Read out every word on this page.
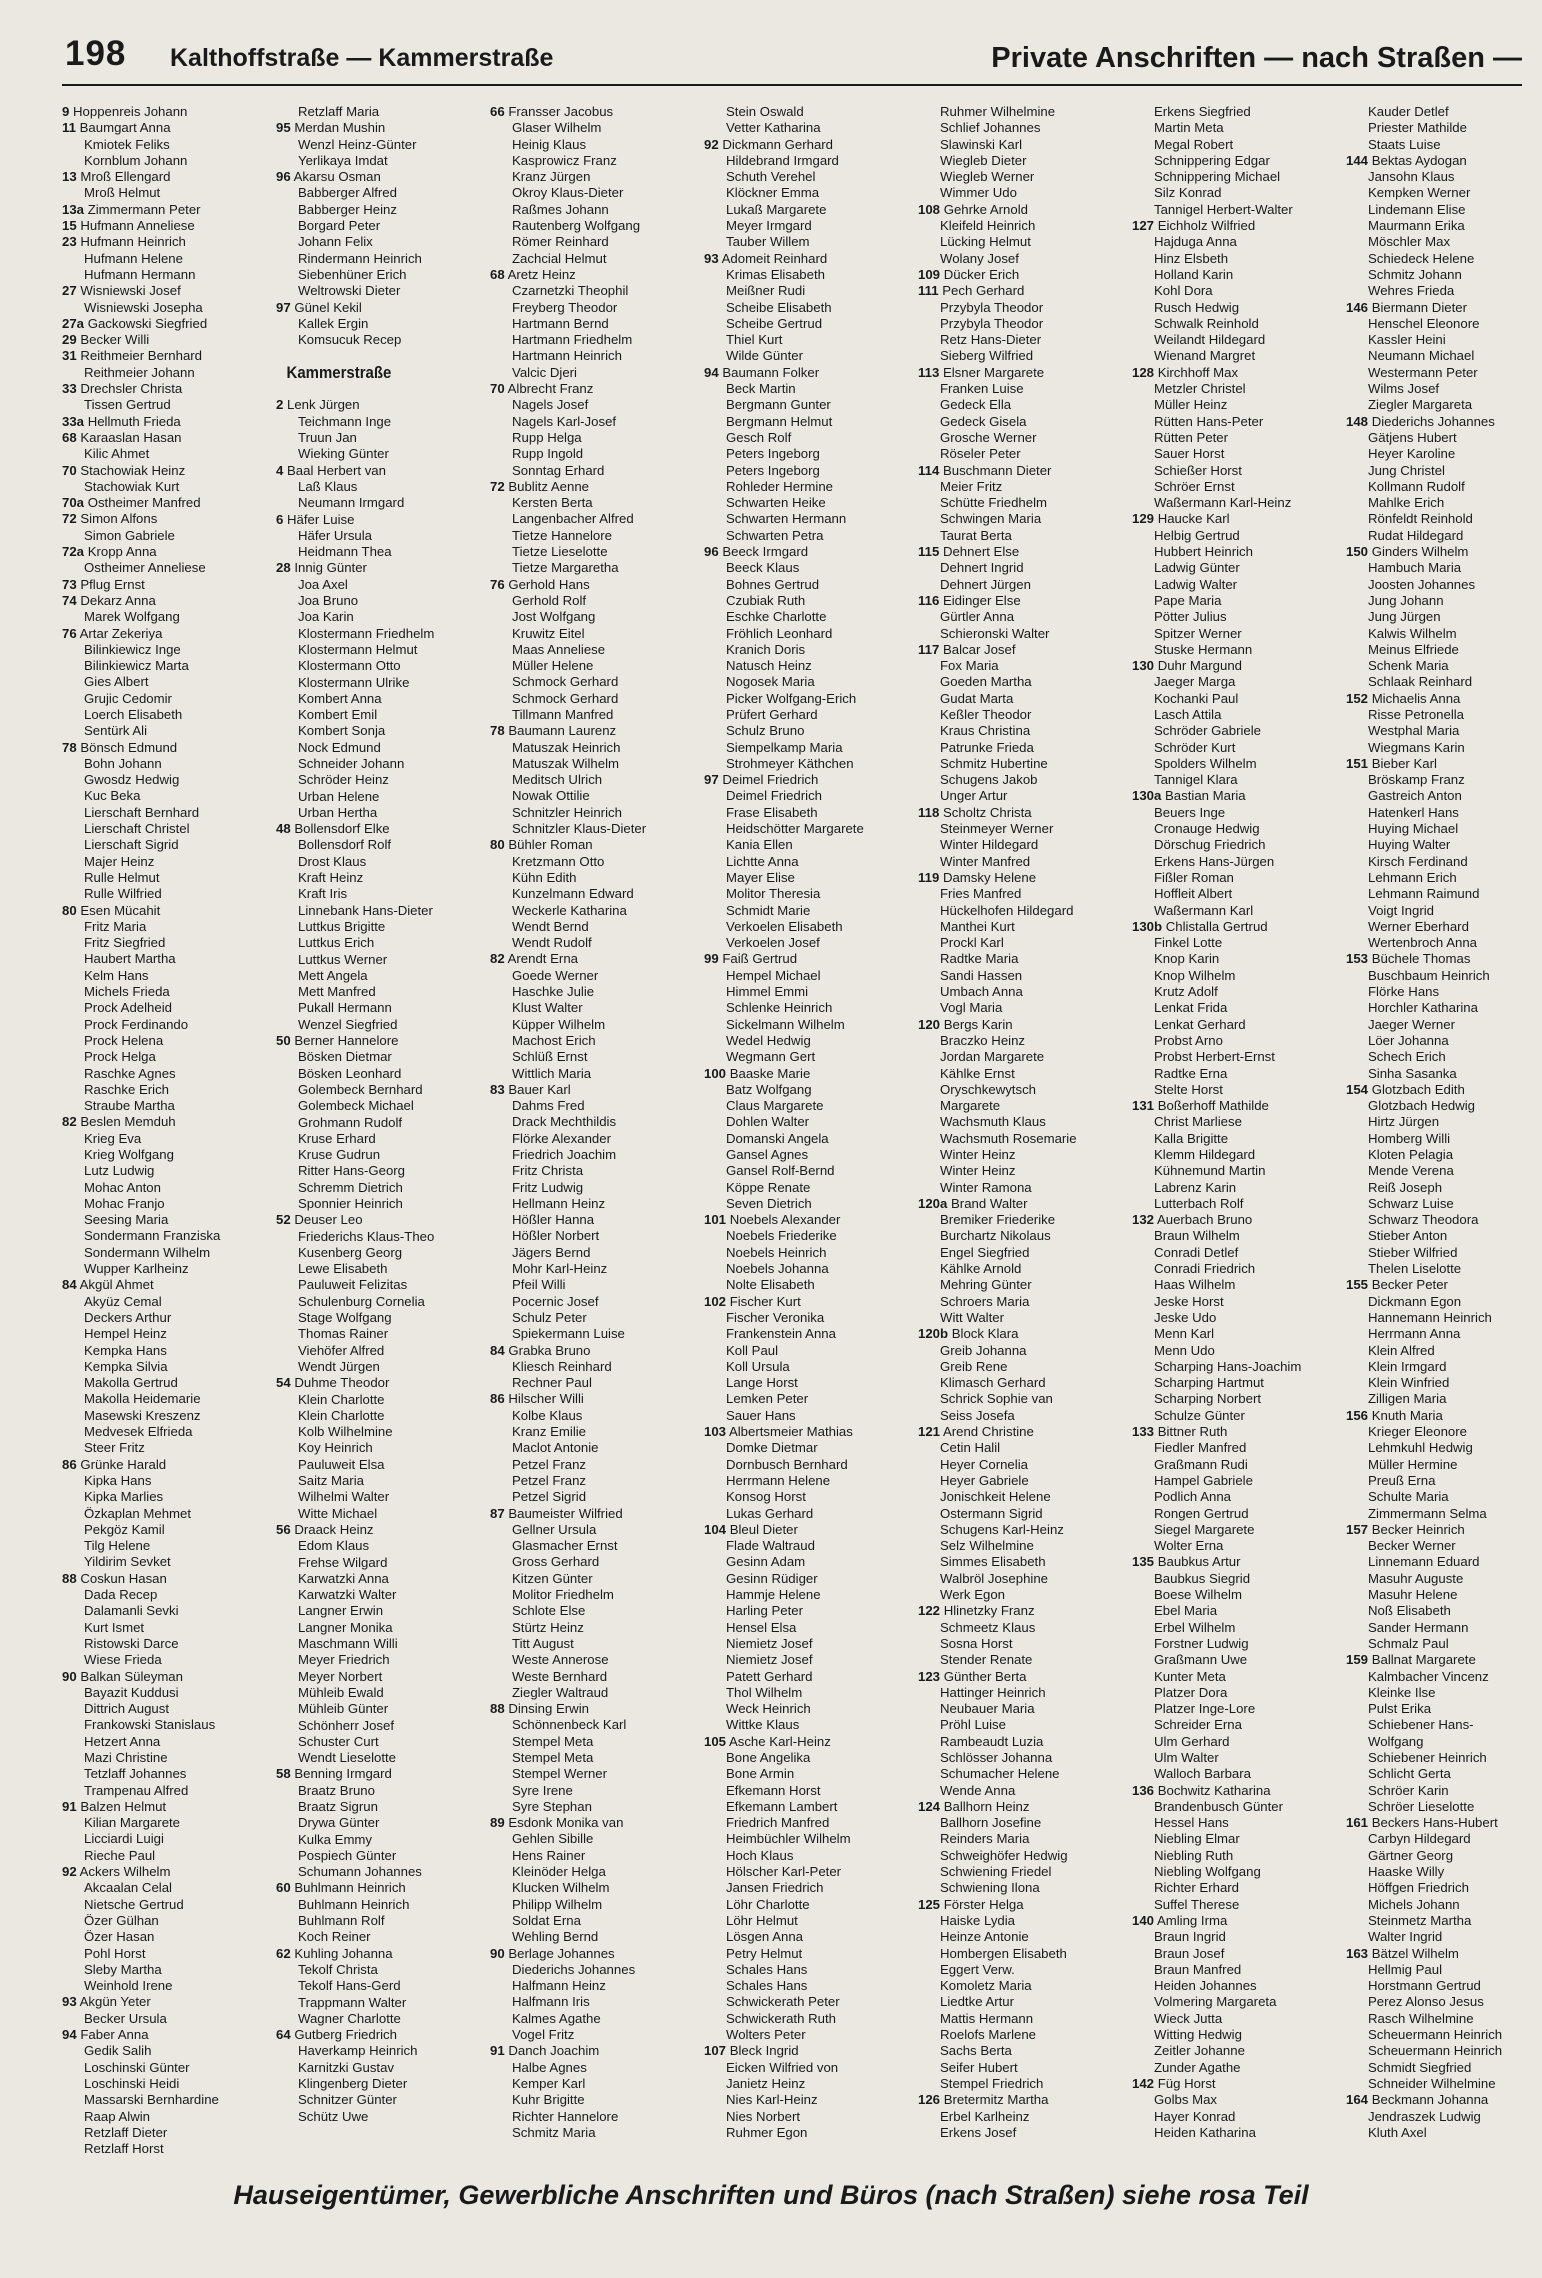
198 Kalthoffstraße — Kammerstraße	Private Anschriften — nach Straßen —
9 Hoppenreis Johann
11 Baumgart Anna
Kmiotek Feliks
Kornblum Johann
13 Mroß Ellengard
Mroß Helmut
13a Zimmermann Peter
15 Hufmann Anneliese
23 Hufmann Heinrich
Hufmann Helene
Hufmann Hermann
27 Wisniewski Josef
Wisniewski Josepha
27a Gackowski Siegfried
29 Becker Willi
31 Reithmeier Bernhard
Reithmeier Johann
33 Drechsler Christa
Tissen Gertrud
33a Hellmuth Frieda
68 Karaaslan Hasan
Kilic Ahmet
70 Stachowiak Heinz
Stachowiak Kurt
70a Ostheimer Manfred
72 Simon Alfons
Simon Gabriele
72a Kropp Anna
Ostheimer Anneliese
73 Pflug Ernst
74 Dekarz Anna
Marek Wolfgang
76 Artar Zekeriya
Bilinkiewicz Inge
Bilinkiewicz Marta
Gies Albert
Grujic Cedomir
Loerch Elisabeth
Sentürk Ali
78 Bönsch Edmund
Bohn Johann
Gwosdz Hedwig
Kuc Beka
Lierschaft Bernhard
Lierschaft Christel
Lierschaft Sigrid
Majer Heinz
Rulle Helmut
Rulle Wilfried
80 Esen Mücahit
Fritz Maria
Fritz Siegfried
Haubert Martha
Kelm Hans
Michels Frieda
Prock Adelheid
Prock Ferdinando
Prock Helena
Prock Helga
Raschke Agnes
Raschke Erich
Straube Martha
82 Beslen Memduh
Krieg Eva
Krieg Wolfgang
Lutz Ludwig
Mohac Anton
Mohac Franjo
Seesing Maria
Sondermann Franziska
Sondermann Wilhelm
Wupper Karlheinz
84 Akgül Ahmet
Akyüz Cemal
Deckers Arthur
Hempel Heinz
Kempka Hans
Kempka Silvia
Makolla Gertrud
Makolla Heidemarie
Masewski Kreszenz
Medvesek Elfrieda
Steer Fritz
86 Grünke Harald
Kipka Hans
Kipka Marlies
Özkaplan Mehmet
Pekgöz Kamil
Tilg Helene
Yildirim Sevket
88 Coskun Hasan
Dada Recep
Dalamanli Sevki
Kurt Ismet
Ristowski Darce
Wiese Frieda
90 Balkan Süleyman
Bayazit Kuddusi
Dittrich August
Frankowski Stanislaus
Hetzert Anna
Mazi Christine
Tetzlaff Johannes
Trampenau Alfred
91 Balzen Helmut
Kilian Margarete
Licciardi Luigi
Rieche Paul
92 Ackers Wilhelm
Akcaalan Celal
Nietsche Gertrud
Özer Gülhan
Özer Hasan
Pohl Horst
Sleby Martha
Weinhold Irene
93 Akgün Yeter
Becker Ursula
94 Faber Anna
Gedik Salih
Loschinski Günter
Loschinski Heidi
Massarski Bernhardine
Raap Alwin
Retzlaff Dieter
Retzlaff Horst
Retzlaff Maria
95 Merdan Mushin
Wenzl Heinz-Günter
Yerlikaya Imdat
96 Akarsu Osman
Babberger Alfred
Babberger Heinz
Borgard Peter
Johann Felix
Rindermann Heinrich
Siebenhüner Erich
Weltrowski Dieter
97 Günel Kekil
Kallek Ergin
Komsucuk Recep
Kammerstraße
2 Lenk Jürgen
Teichmann Inge
Truun Jan
Wieking Günter
4 Baal Herbert van
Laß Klaus
Neumann Irmgard
6 Häfer Luise
Häfer Ursula
Heidmann Thea
28 Innig Günter
Joa Axel
Joa Bruno
Joa Karin
Klostermann Friedhelm
Klostermann Helmut
Klostermann Otto
Klostermann Ulrike
Kombert Anna
Kombert Emil
Kombert Sonja
Nock Edmund
Schneider Johann
Schröder Heinz
Urban Helene
Urban Hertha
48 Bollensdorf Elke
Bollensdorf Rolf
Drost Klaus
Kraft Heinz
Kraft Iris
Linnebank Hans-Dieter
Luttkus Brigitte
Luttkus Erich
Luttkus Werner
Mett Angela
Mett Manfred
Pukall Hermann
Wenzel Siegfried
50 Berner Hannelore
Bösken Dietmar
Bösken Leonhard
Golembeck Bernhard
Golembeck Michael
Grohmann Rudolf
Kruse Erhard
Kruse Gudrun
Ritter Hans-Georg
Schremm Dietrich
Sponnier Heinrich
52 Deuser Leo
Friederichs Klaus-Theo
Kusenberg Georg
Lewe Elisabeth
Pauluweit Felizitas
Schulenburg Cornelia
Stage Wolfgang
Thomas Rainer
Viehöfer Alfred
Wendt Jürgen
54 Duhme Theodor
Klein Charlotte
Klein Charlotte
Kolb Wilhelmine
Koy Heinrich
Pauluweit Elsa
Saitz Maria
Wilhelmi Walter
Witte Michael
56 Draack Heinz
Edom Klaus
Frehse Wilgard
Karwatzki Anna
Karwatzki Walter
Langner Erwin
Langner Monika
Maschmann Willi
Meyer Friedrich
Meyer Norbert
Mühleib Ewald
Mühleib Günter
Schönherr Josef
Schuster Curt
Wendt Lieselotte
58 Benning Irmgard
Braatz Bruno
Braatz Sigrun
Drywa Günter
Kulka Emmy
Pospiech Günter
Schumann Johannes
60 Buhlmann Heinrich
Buhlmann Heinrich
Buhlmann Rolf
Koch Reiner
62 Kuhling Johanna
Tekolf Christa
Tekolf Hans-Gerd
Trappmann Walter
Wagner Charlotte
64 Gutberg Friedrich
Haverkamp Heinrich
Karnitzki Gustav
Klingenberg Dieter
Schnitzer Günter
Schütz Uwe
66 Fransser Jacobus
Glaser Wilhelm
Heinig Klaus
Kasprowicz Franz
Kranz Jürgen
Okroy Klaus-Dieter
Raßmes Johann
Rautenberg Wolfgang
Römer Reinhard
Zachcial Helmut
68 Aretz Heinz
Czarnetzki Theophil
Freyberg Theodor
Hartmann Bernd
Hartmann Friedhelm
Hartmann Heinrich
Valcic Djeri
70 Albrecht Franz
Nagels Josef
Nagels Karl-Josef
Rupp Helga
Rupp Ingold
Sonntag Erhard
72 Bublitz Aenne
Kersten Berta
Langenbacher Alfred
Tietze Hannelore
Tietze Lieselotte
Tietze Margaretha
76 Gerhold Hans
Gerhold Rolf
Jost Wolfgang
Kruwitz Eitel
Maas Anneliese
Müller Helene
Schmock Gerhard
Schmock Gerhard
Tillmann Manfred
78 Baumann Laurenz
Matuszak Heinrich
Matuszak Wilhelm
Meditsch Ulrich
Nowak Ottilie
Schnitzler Heinrich
Schnitzler Klaus-Dieter
80 Bühler Roman
Kretzmann Otto
Kühn Edith
Kunzelmann Edward
Weckerle Katharina
Wendt Bernd
Wendt Rudolf
82 Arendt Erna
Goede Werner
Haschke Julie
Klust Walter
Küpper Wilhelm
Machost Erich
Schlüß Ernst
Wittlich Maria
83 Bauer Karl
Dahms Fred
Drack Mechthildis
Flörke Alexander
Friedrich Joachim
Fritz Christa
Fritz Ludwig
Hellmann Heinz
Hößler Hanna
Hößler Norbert
Jägers Bernd
Mohr Karl-Heinz
Pfeil Willi
Pocernic Josef
Schulz Peter
Spiekermann Luise
84 Grabka Bruno
Kliesch Reinhard
Rechner Paul
86 Hilscher Willi
Kolbe Klaus
Kranz Emilie
Maclot Antonie
Petzel Franz
Petzel Franz
Petzel Sigrid
87 Baumeister Wilfried
Gellner Ursula
Glasmacher Ernst
Gross Gerhard
Kitzen Günter
Molitor Friedhelm
Schlote Else
Stürtz Heinz
Titt August
Weste Annerose
Weste Bernhard
Ziegler Waltraud
88 Dinsing Erwin
Schönnenbeck Karl
Stempel Meta
Stempel Meta
Stempel Werner
Syre Irene
Syre Stephan
89 Esdonk Monika van
Gehlen Sibille
Hens Rainer
Kleinöder Helga
Klucken Wilhelm
Philipp Wilhelm
Soldat Erna
Wehling Bernd
90 Berlage Johannes
Diederichs Johannes
Halfmann Heinz
Halfmann Iris
Kalmes Agathe
Vogel Fritz
91 Danch Joachim
Halbe Agnes
Kemper Karl
Kuhr Brigitte
Richter Hannelore
Schmitz Maria
Stein Oswald
Vetter Katharina
92 Dickmann Gerhard
Hildebrand Irmgard
Schuth Verehel
Klöckner Emma
Lukaß Margarete
Meyer Irmgard
Tauber Willem
93 Adomeit Reinhard
Krimas Elisabeth
Meißner Rudi
Scheibe Elisabeth
Scheibe Gertrud
Thiel Kurt
Wilde Günter
94 Baumann Folker
Beck Martin
Bergmann Gunter
Bergmann Helmut
Gesch Rolf
Peters Ingeborg
Peters Ingeborg
Rohleder Hermine
Schwarten Heike
Schwarten Hermann
Schwarten Petra
96 Beeck Irmgard
Beeck Klaus
Bohnes Gertrud
Czubiak Ruth
Eschke Charlotte
Fröhlich Leonhard
Kranich Doris
Natusch Heinz
Nogosek Maria
Picker Wolfgang-Erich
Prüfert Gerhard
Schulz Bruno
Siempelkamp Maria
Strohmeyer Käthchen
97 Deimel Friedrich
Deimel Friedrich
Frase Elisabeth
Heidschötter Margarete
Kania Ellen
Lichtte Anna
Mayer Elise
Molitor Theresia
Schmidt Marie
Verkoelen Elisabeth
Verkoelen Josef
99 Faiß Gertrud
Hempel Michael
Himmel Emmi
Schlenke Heinrich
Sickelmann Wilhelm
Wedel Hedwig
Wegmann Gert
100 Baaske Marie
Batz Wolfgang
Claus Margarete
Dohlen Walter
Domanski Angela
Gansel Agnes
Gansel Rolf-Bernd
Köppe Renate
Seven Dietrich
101 Noebels Alexander
Noebels Friederike
Noebels Heinrich
Noebels Johanna
Nolte Elisabeth
102 Fischer Kurt
Fischer Veronika
Frankenstein Anna
Koll Paul
Koll Ursula
Lange Horst
Lemken Peter
Sauer Hans
103 Albertsmeier Mathias
Domke Dietmar
Dornbusch Bernhard
Herrmann Helene
Konsog Horst
Lukas Gerhard
104 Bleul Dieter
Flade Waltraud
Gesinn Adam
Gesinn Rüdiger
Hammje Helene
Harling Peter
Hensel Elsa
Niemietz Josef
Niemietz Josef
Patett Gerhard
Thol Wilhelm
Weck Heinrich
Wittke Klaus
105 Asche Karl-Heinz
Bone Angelika
Bone Armin
Efkemann Horst
Efkemann Lambert
Friedrich Manfred
Heimbüchler Wilhelm
Hoch Klaus
Hölscher Karl-Peter
Jansen Friedrich
Löhr Charlotte
Löhr Helmut
Lösgen Anna
Petry Helmut
Schales Hans
Schales Hans
Schwickerath Peter
Schwickerath Ruth
Wolters Peter
107 Bleck Ingrid
Eicken Wilfried von
Janietz Heinz
Nies Karl-Heinz
Nies Norbert
Ruhmer Egon
Ruhmer Wilhelmine
Schlief Johannes
Slawinski Karl
Wiegleb Dieter
Wiegleb Werner
Wimmer Udo
108 Gehrke Arnold
Kleifeld Heinrich
Lücking Helmut
Wolany Josef
109 Dücker Erich
111 Pech Gerhard
Przybyla Theodor
Przybyla Theodor
Retz Hans-Dieter
Sieberg Wilfried
113 Elsner Margarete
Franken Luise
Gedeck Ella
Gedeck Gisela
Grosche Werner
Röseler Peter
114 Buschmann Dieter
Meier Fritz
Schütte Friedhelm
Schwingen Maria
Taurat Berta
115 Dehnert Else
Dehnert Ingrid
Dehnert Jürgen
116 Eidinger Else
Gürtler Anna
Schieronski Walter
117 Balcar Josef
Fox Maria
Goeden Martha
Gudat Marta
Keßler Theodor
Kraus Christina
Patrunke Frieda
Schmitz Hubertine
Schugens Jakob
Unger Artur
118 Scholtz Christa
Steinmeyer Werner
Winter Hildegard
Winter Manfred
119 Damsky Helene
Fries Manfred
Hückelhofen Hildegard
Manthei Kurt
Prockl Karl
Radtke Maria
Sandi Hassen
Umbach Anna
Vogl Maria
120 Bergs Karin
Braczko Heinz
Jordan Margarete
Kählke Ernst
Oryschkewytsch
Margarete
Wachsmuth Klaus
Wachsmuth Rosemarie
Winter Heinz
Winter Heinz
Winter Ramona
120a Brand Walter
Bremiker Friederike
Burchartz Nikolaus
Engel Siegfried
Kählke Arnold
Mehring Günter
Schroers Maria
Witt Walter
120b Block Klara
Greib Johanna
Greib Rene
Klimasch Gerhard
Schrick Sophie van
Seiss Josefa
121 Arend Christine
Cetin Halil
Heyer Cornelia
Heyer Gabriele
Jonischkeit Helene
Ostermann Sigrid
Schugens Karl-Heinz
Selz Wilhelmine
Simmes Elisabeth
Walbröl Josephine
Werk Egon
122 Hlinetzky Franz
Schmeetz Klaus
Sosna Horst
Stender Renate
123 Günther Berta
Hattinger Heinrich
Neubauer Maria
Pröhl Luise
Rambeaudt Luzia
Schlösser Johanna
Schumacher Helene
Wende Anna
124 Ballhorn Heinz
Ballhorn Josefine
Reinders Maria
Schweighöfer Hedwig
Schwiening Friedel
Schwiening Ilona
125 Förster Helga
Haiske Lydia
Heinze Antonie
Hombergen Elisabeth
Eggert Verw.
Komoletz Maria
Liedtke Artur
Mattis Hermann
Roelofs Marlene
Sachs Berta
Seifer Hubert
Stempel Friedrich
126 Bretermitz Martha
Erbel Karlheinz
Erkens Josef
Erkens Siegfried
Martin Meta
Megal Robert
Schnippering Edgar
Schnippering Michael
Silz Konrad
Tannigel Herbert-Walter
127 Eichholz Wilfried
Hajduga Anna
Hinz Elsbeth
Holland Karin
Kohl Dora
Rusch Hedwig
Schwalk Reinhold
Weilandt Hildegard
Wienand Margret
128 Kirchhoff Max
Metzler Christel
Müller Heinz
Rütten Hans-Peter
Rütten Peter
Sauer Horst
Schießer Horst
Schröer Ernst
Waßermann Karl-Heinz
129 Haucke Karl
Helbig Gertrud
Hubbert Heinrich
Ladwig Günter
Ladwig Walter
Pape Maria
Pötter Julius
Spitzer Werner
Stuske Hermann
130 Duhr Margund
Jaeger Marga
Kochanki Paul
Lasch Attila
Schröder Gabriele
Schröder Kurt
Spolders Wilhelm
Tannigel Klara
130a Bastian Maria
Beuers Inge
Cronauge Hedwig
Dörschug Friedrich
Erkens Hans-Jürgen
Fißler Roman
Hoffleit Albert
Waßermann Karl
130b Chlistalla Gertrud
Finkel Lotte
Knop Karin
Knop Wilhelm
Krutz Adolf
Lenkat Frida
Lenkat Gerhard
Probst Arno
Probst Herbert-Ernst
Radtke Erna
Stelte Horst
131 Boßerhoff Mathilde
Christ Marliese
Kalla Brigitte
Klemm Hildegard
Kühnemund Martin
Labrenz Karin
Lutterbach Rolf
132 Auerbach Bruno
Braun Wilhelm
Conradi Detlef
Conradi Friedrich
Haas Wilhelm
Jeske Horst
Jeske Udo
Menn Karl
Menn Udo
Scharping Hans-Joachim
Scharping Hartmut
Scharping Norbert
Schulze Günter
133 Bittner Ruth
Fiedler Manfred
Graßmann Rudi
Hampel Gabriele
Podlich Anna
Rongen Gertrud
Siegel Margarete
Wolter Erna
135 Baubkus Artur
Baubkus Siegrid
Boese Wilhelm
Ebel Maria
Erbel Wilhelm
Forstner Ludwig
Graßmann Uwe
Kunter Meta
Platzer Dora
Platzer Inge-Lore
Schreider Erna
Ulm Gerhard
Ulm Walter
Walloch Barbara
136 Bochwitz Katharina
Brandenbusch Günter
Hessel Hans
Niebling Elmar
Niebling Ruth
Niebling Wolfgang
Richter Erhard
Suffel Therese
140 Amling Irma
Braun Ingrid
Braun Josef
Braun Manfred
Heiden Johannes
Volmering Margareta
Wieck Jutta
Witting Hedwig
Zeitler Johanne
Zunder Agathe
142 Füg Horst
Golbs Max
Hayer Konrad
Heiden Katharina
Kauder Detlef
Priester Mathilde
Staats Luise
144 Bektas Aydogan
Jansohn Klaus
Kempken Werner
Lindemann Elise
Maurmann Erika
Möschler Max
Schiedeck Helene
Schmitz Johann
Wehres Frieda
146 Biermann Dieter
Henschel Eleonore
Kassler Heini
Neumann Michael
Westermann Peter
Wilms Josef
Ziegler Margareta
148 Diederichs Johannes
Gätjens Hubert
Heyer Karoline
Jung Christel
Kollmann Rudolf
Mahlke Erich
Rönfeldt Reinhold
Rudat Hildegard
150 Ginders Wilhelm
Hambuch Maria
Joosten Johannes
Jung Johann
Jung Jürgen
Kalwis Wilhelm
Meinus Elfriede
Schenk Maria
Schlaak Reinhard
152 Michaelis Anna
Risse Petronella
Westphal Maria
Wiegmans Karin
151 Bieber Karl
Bröskamp Franz
Gastreich Anton
Hatenkerl Hans
Huying Michael
Huying Walter
Kirsch Ferdinand
Lehmann Erich
Lehmann Raimund
Voigt Ingrid
Werner Eberhard
Wertenbroch Anna
153 Büchele Thomas
Buschbaum Heinrich
Flörke Hans
Horchler Katharina
Jaeger Werner
Löer Johanna
Schech Erich
Sinha Sasanka
154 Glotzbach Edith
Glotzbach Hedwig
Hirtz Jürgen
Homberg Willi
Kloten Pelagia
Mende Verena
Reiß Joseph
Schwarz Luise
Schwarz Theodora
Stieber Anton
Stieber Wilfried
Thelen Liselotte
155 Becker Peter
Dickmann Egon
Hannemann Heinrich
Herrmann Anna
Klein Alfred
Klein Irmgard
Klein Winfried
Zilligen Maria
156 Knuth Maria
Krieger Eleonore
Lehmkuhl Hedwig
Müller Hermine
Preuß Erna
Schulte Maria
Zimmermann Selma
157 Becker Heinrich
Becker Werner
Linnemann Eduard
Masuhr Auguste
Masuhr Helene
Noß Elisabeth
Sander Hermann
Schmalz Paul
159 Ballnat Margarete
Kalmbacher Vincenz
Kleinke Ilse
Pulst Erika
Schiebener Hans-
Wolfgang
Schiebener Heinrich
Schlicht Gerta
Schröer Karin
Schröer Lieselotte
161 Beckers Hans-Hubert
Carbyn Hildegard
Gärtner Georg
Haaske Willy
Höffgen Friedrich
Michels Johann
Steinmetz Martha
Walter Ingrid
163 Bätzel Wilhelm
Hellmig Paul
Horstmann Gertrud
Perez Alonso Jesus
Rasch Wilhelmine
Scheuermann Heinrich
Scheuermann Heinrich
Schmidt Siegfried
Schneider Wilhelmine
164 Beckmann Johanna
Jendraszek Ludwig
Kluth Axel
Hauseigentümer, Gewerbliche Anschriften und Büros (nach Straßen) siehe rosa Teil
